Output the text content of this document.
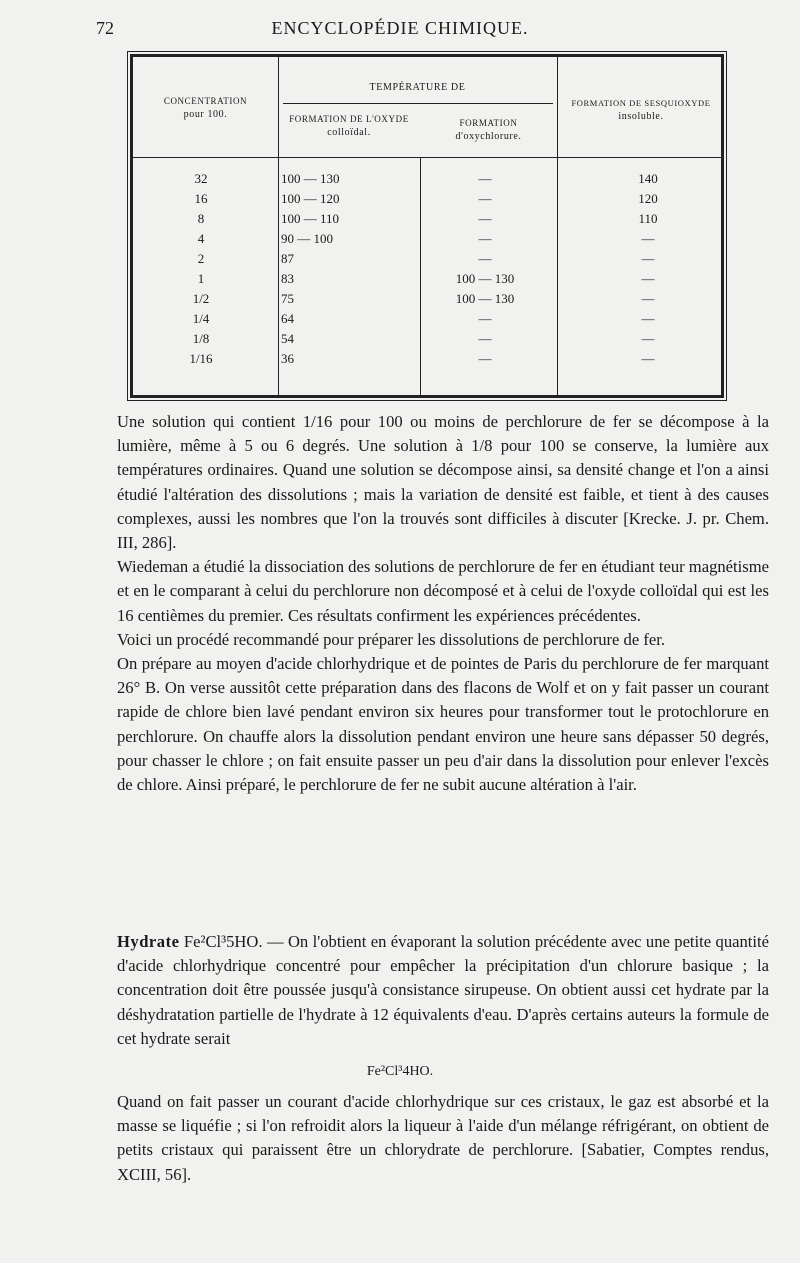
72	ENCYCLOPÉDIE CHIMIQUE.
CONCENTRATION
pour 100.
TEMPÉRATURE DE
FORMATION DE L'OXYDE
colloïdal.
FORMATION
d'oxychlorure.
FORMATION DE SESQUIOXYDE
insoluble.
32	100 — 130	—	140
16	100 — 120	—	120
8	100 — 110	—	110
4	90 — 100	—	—
2	87	—	—
1	83	100 — 130	—
1/2	75	100 — 130	—
1/4	64	—	—
1/8	54	—	—
1/16	36	—	—

Une solution qui contient 1/16 pour 100 ou moins de perchlorure de fer se décompose à la lumière, même à 5 ou 6 degrés. Une solution à 1/8 pour 100 se conserve, la lumière aux températures ordinaires. Quand une solution se décompose ainsi, sa densité change et l'on a ainsi étudié l'altération des dissolutions ; mais la variation de densité est faible, et tient à des causes complexes, aussi les nombres que l'on la trouvés sont difficiles à discuter [Krecke. J. pr. Chem. III, 286].

Wiedeman a étudié la dissociation des solutions de perchlorure de fer en étudiant teur magnétisme et en le comparant à celui du perchlorure non décomposé et à celui de l'oxyde colloïdal qui est les 16 centièmes du premier. Ces résultats confirment les expériences précédentes.

Voici un procédé recommandé pour préparer les dissolutions de perchlorure de fer.

On prépare au moyen d'acide chlorhydrique et de pointes de Paris du perchlorure de fer marquant 26° B. On verse aussitôt cette préparation dans des flacons de Wolf et on y fait passer un courant rapide de chlore bien lavé pendant environ six heures pour transformer tout le protochlorure en perchlorure. On chauffe alors la dissolution pendant environ une heure sans dépasser 50 degrés, pour chasser le chlore ; on fait ensuite passer un peu d'air dans la dissolution pour enlever l'excès de chlore. Ainsi préparé, le perchlorure de fer ne subit aucune altération à l'air.

Hydrate Fe²Cl³5HO. — On l'obtient en évaporant la solution précédente avec une petite quantité d'acide chlorhydrique concentré pour empêcher la précipitation d'un chlorure basique ; la concentration doit être poussée jusqu'à consistance sirupeuse. On obtient aussi cet hydrate par la déshydratation partielle de l'hydrate à 12 équivalents d'eau. D'après certains auteurs la formule de cet hydrate serait

Fe²Cl³4HO.

Quand on fait passer un courant d'acide chlorhydrique sur ces cristaux, le gaz est absorbé et la masse se liquéfie ; si l'on refroidit alors la liqueur à l'aide d'un mélange réfrigérant, on obtient de petits cristaux qui paraissent être un chlorydrate de perchlorure. [Sabatier, Comptes rendus, XCIII, 56].
